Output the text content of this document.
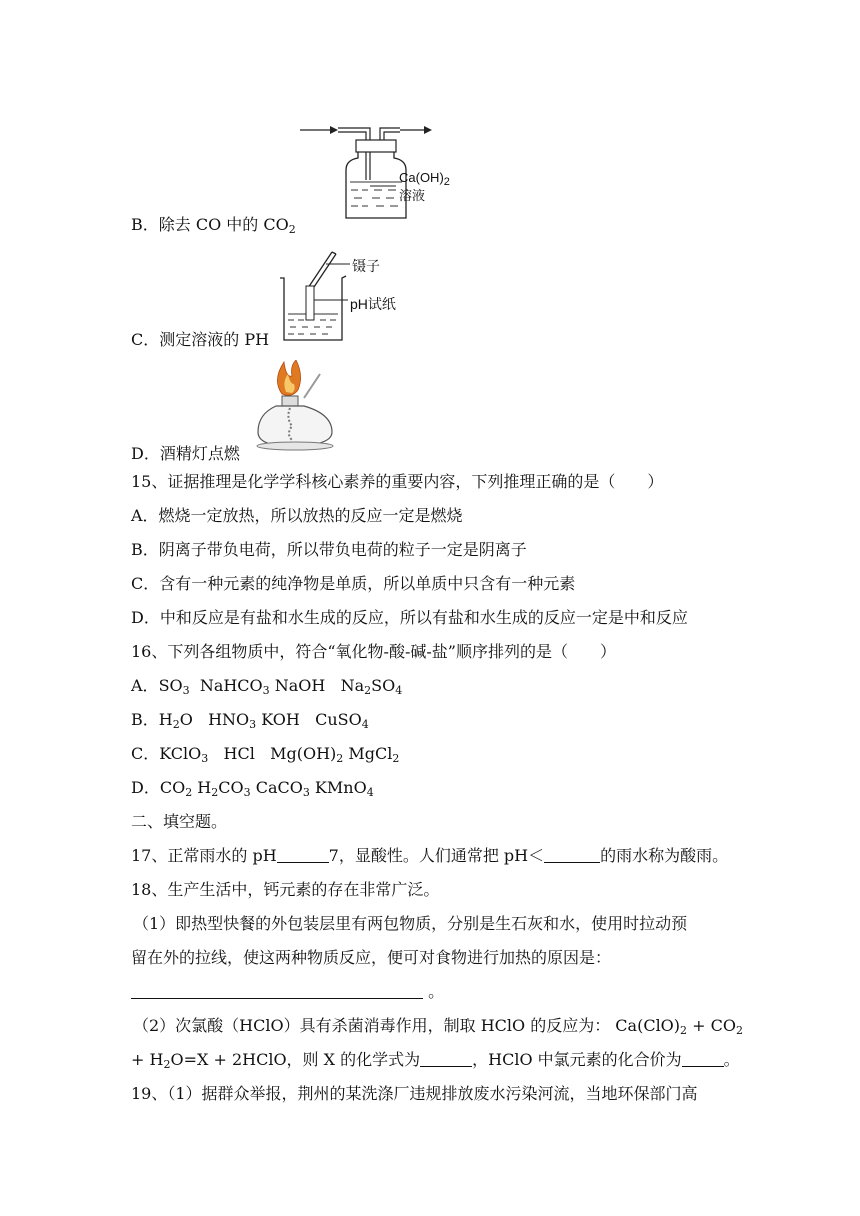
$Ca(OH)_2$
溶液
B．除去 CO 中的 $CO_2$
镊子
pH试纸
C．测定溶液的 PH
D．酒精灯点燃
15、证据推理是化学学科核心素养的重要内容，下列推理正确的是（　　）
A．燃烧一定放热，所以放热的反应一定是燃烧
B．阴离子带负电荷，所以带负电荷的粒子一定是阴离子
C．含有一种元素的纯净物是单质，所以单质中只含有一种元素
D．中和反应是有盐和水生成的反应，所以有盐和水生成的反应一定是中和反应
16、下列各组物质中，符合“氧化物-酸-碱-盐”顺序排列的是（　　）
A．$SO_3$  NaHCO$_3$ NaOH   $Na_2SO_4$
B．$H_2O$   $HNO_3$ KOH   CuSO$_4$
C．KClO$_3$   HCl   $Mg(OH)_2$ MgCl$_2$
D．$CO_2$ $H_2CO_3$ CaCO$_3$ KMnO$_4$
二、填空题。
17、正常雨水的 pH	7，显酸性。人们通常把 pH＜	的雨水称为酸雨。
18、生产生活中，钙元素的存在非常广泛。
（1）即热型快餐的外包装层里有两包物质，分别是生石灰和水，使用时拉动预
留在外的拉线，使这两种物质反应，便可对食物进行加热的原因是：
。
（2）次氯酸（HClO）具有杀菌消毒作用，制取 HClO 的反应为： $Ca(ClO)_2 + CO_2$
+ $H_2O=X$ + 2HClO，则 X 的化学式为	，HClO 中氯元素的化合价为	。
19、（1）据群众举报，荆州的某洗涤厂违规排放废水污染河流，当地环保部门高
